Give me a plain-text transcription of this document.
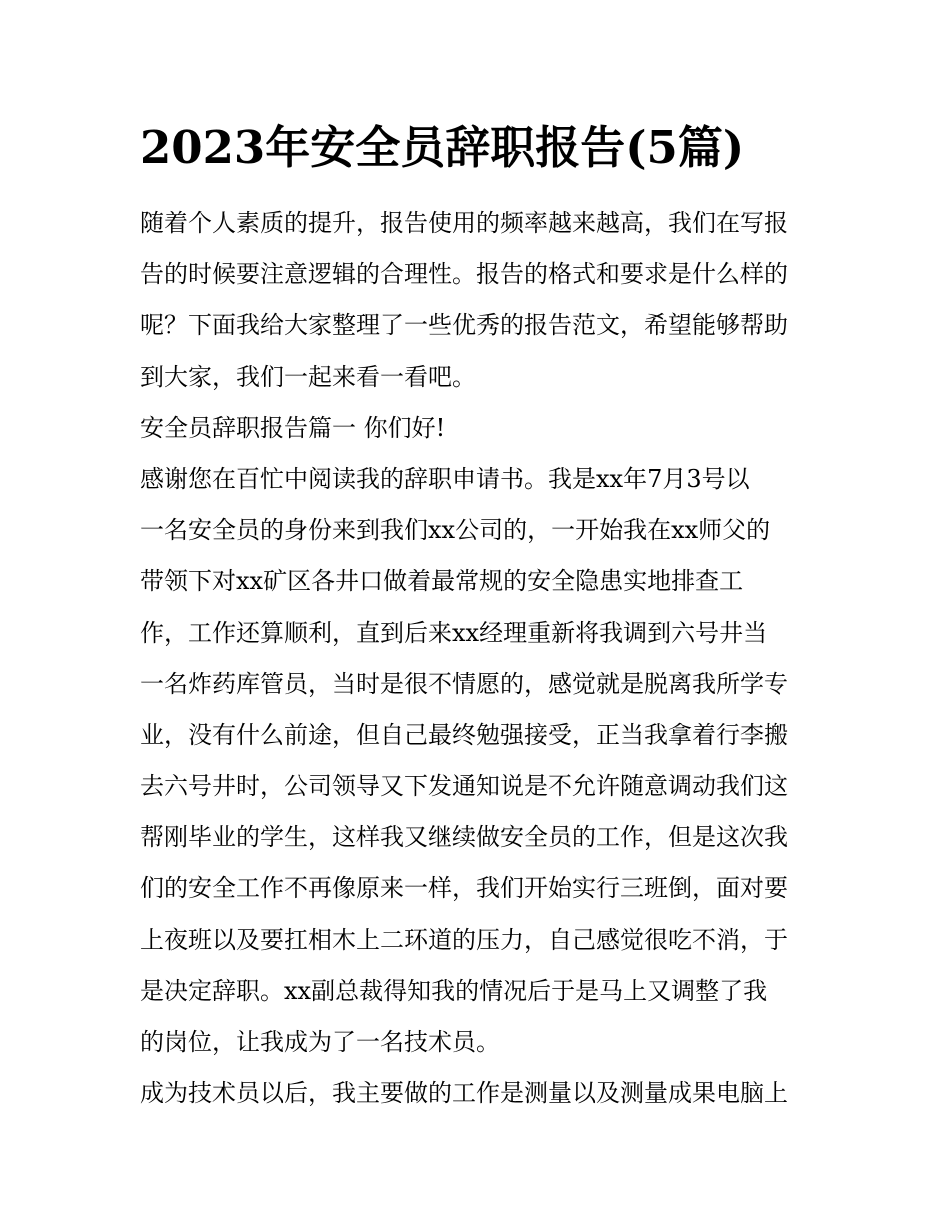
2023年安全员辞职报告(5篇)
随着个人素质的提升，报告使用的频率越来越高，我们在写报
告的时候要注意逻辑的合理性。报告的格式和要求是什么样的
呢？下面我给大家整理了一些优秀的报告范文，希望能够帮助
到大家，我们一起来看一看吧。
安全员辞职报告篇一 你们好!
感谢您在百忙中阅读我的辞职申请书。我是xx年7月3号以
一名安全员的身份来到我们xx公司的，一开始我在xx师父的
带领下对xx矿区各井口做着最常规的安全隐患实地排查工
作，工作还算顺利，直到后来xx经理重新将我调到六号井当
一名炸药库管员，当时是很不情愿的，感觉就是脱离我所学专
业，没有什么前途，但自己最终勉强接受，正当我拿着行李搬
去六号井时，公司领导又下发通知说是不允许随意调动我们这
帮刚毕业的学生，这样我又继续做安全员的工作，但是这次我
们的安全工作不再像原来一样，我们开始实行三班倒，面对要
上夜班以及要扛相木上二环道的压力，自己感觉很吃不消，于
是决定辞职。xx副总裁得知我的情况后于是马上又调整了我
的岗位，让我成为了一名技术员。
成为技术员以后，我主要做的工作是测量以及测量成果电脑上
